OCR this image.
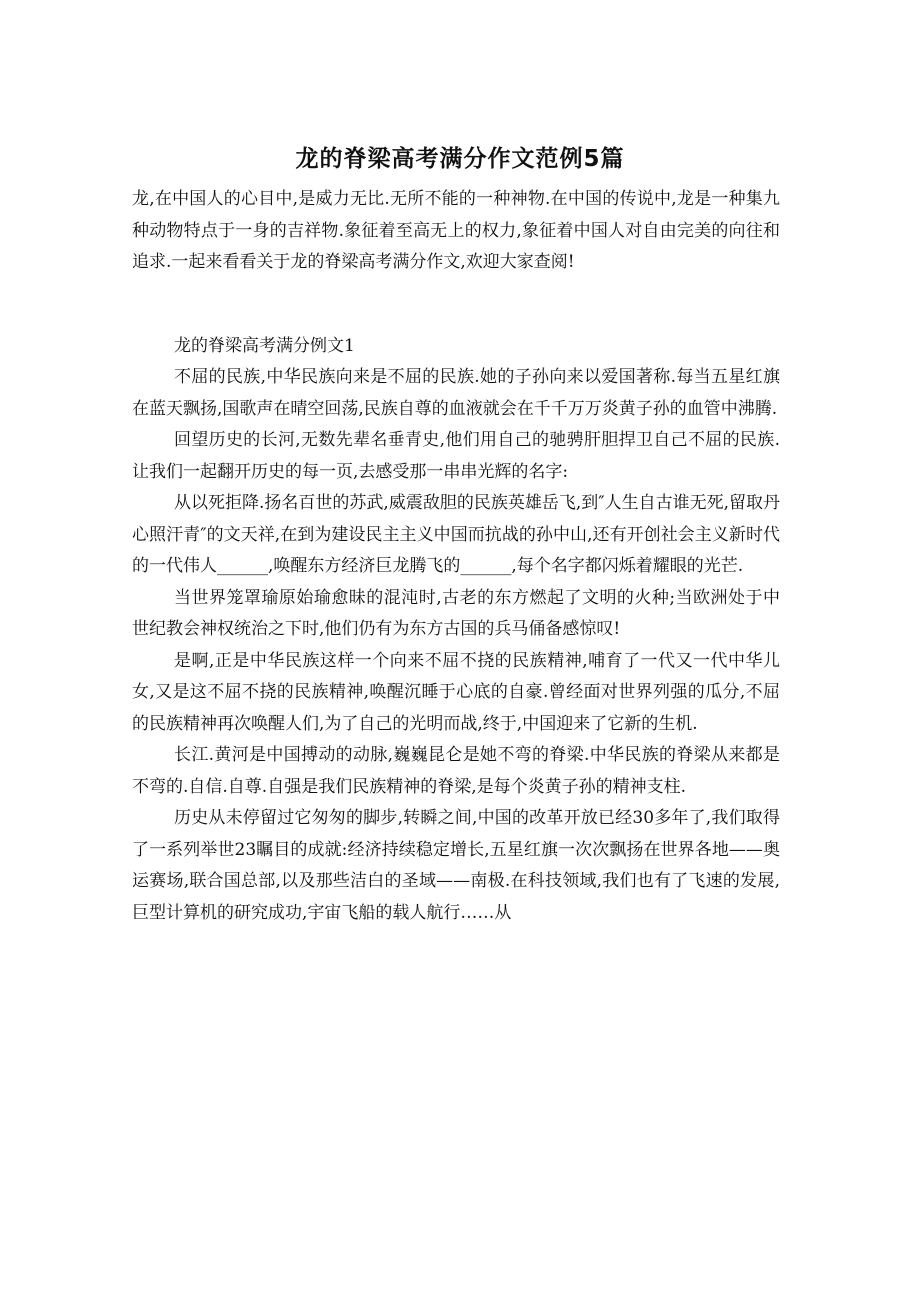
龙的脊梁高考满分作文范例5篇

龙,在中国人的心目中,是威力无比.无所不能的一种神物.在中国的传说中,龙是一种集九种动物特点于一身的吉祥物.象征着至高无上的权力,象征着中国人对自由完美的向往和追求.一起来看看关于龙的脊梁高考满分作文,欢迎大家查阅!

龙的脊梁高考满分例文1

不屈的民族,中华民族向来是不屈的民族.她的子孙向来以爱国著称.每当五星红旗在蓝天飘扬,国歌声在晴空回荡,民族自尊的血液就会在千千万万炎黄子孙的血管中沸腾.

回望历史的长河,无数先辈名垂青史,他们用自己的驰骋肝胆捍卫自己不屈的民族.让我们一起翻开历史的每一页,去感受那一串串光辉的名字:

从以死拒降.扬名百世的苏武,威震敌胆的民族英雄岳飞,到″人生自古谁无死,留取丹心照汗青″的文天祥,在到为建设民主主义中国而抗战的孙中山,还有开创社会主义新时代的一代伟人______,唤醒东方经济巨龙腾飞的______,每个名字都闪烁着耀眼的光芒.

当世界笼罩瑜原始瑜愈昧的混沌时,古老的东方燃起了文明的火种;当欧洲处于中世纪教会神权统治之下时,他们仍有为东方古国的兵马俑备感惊叹!

是啊,正是中华民族这样一个向来不屈不挠的民族精神,哺育了一代又一代中华儿女,又是这不屈不挠的民族精神,唤醒沉睡于心底的自豪.曾经面对世界列强的瓜分,不屈的民族精神再次唤醒人们,为了自己的光明而战,终于,中国迎来了它新的生机.

长江.黄河是中国搏动的动脉,巍巍昆仑是她不弯的脊梁.中华民族的脊梁从来都是不弯的.自信.自尊.自强是我们民族精神的脊梁,是每个炎黄子孙的精神支柱.

历史从未停留过它匆匆的脚步,转瞬之间,中国的改革开放已经30多年了,我们取得了一系列举世23瞩目的成就:经济持续稳定增长,五星红旗一次次飘扬在世界各地——奥运赛场,联合国总部,以及那些洁白的圣域——南极.在科技领域,我们也有了飞速的发展,巨型计算机的研究成功,宇宙飞船的载人航行……从
